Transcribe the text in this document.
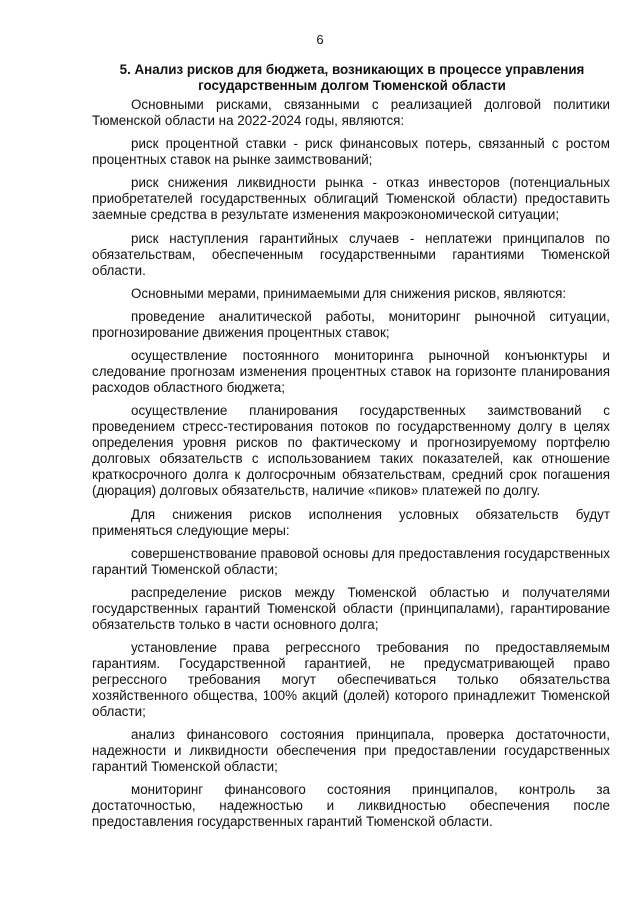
6
5. Анализ рисков для бюджета, возникающих в процессе управления государственным долгом Тюменской области

Основными рисками, связанными с реализацией долговой политики Тюменской области на 2022-2024 годы, являются:

риск процентной ставки - риск финансовых потерь, связанный с ростом процентных ставок на рынке заимствований;

риск снижения ликвидности рынка - отказ инвесторов (потенциальных приобретателей государственных облигаций Тюменской области) предоставить заемные средства в результате изменения макроэкономической ситуации;

риск наступления гарантийных случаев - неплатежи принципалов по обязательствам, обеспеченным государственными гарантиями Тюменской области.

Основными мерами, принимаемыми для снижения рисков, являются:

проведение аналитической работы, мониторинг рыночной ситуации, прогнозирование движения процентных ставок;

осуществление постоянного мониторинга рыночной конъюнктуры и следование прогнозам изменения процентных ставок на горизонте планирования расходов областного бюджета;

осуществление планирования государственных заимствований с проведением стресс-тестирования потоков по государственному долгу в целях определения уровня рисков по фактическому и прогнозируемому портфелю долговых обязательств с использованием таких показателей, как отношение краткосрочного долга к долгосрочным обязательствам, средний срок погашения (дюрация) долговых обязательств, наличие «пиков» платежей по долгу.

Для снижения рисков исполнения условных обязательств будут применяться следующие меры:

совершенствование правовой основы для предоставления государственных гарантий Тюменской области;

распределение рисков между Тюменской областью и получателями государственных гарантий Тюменской области (принципалами), гарантирование обязательств только в части основного долга;

установление права регрессного требования по предоставляемым гарантиям. Государственной гарантией, не предусматривающей право регрессного требования могут обеспечиваться только обязательства хозяйственного общества, 100% акций (долей) которого принадлежит Тюменской области;

анализ финансового состояния принципала, проверка достаточности, надежности и ликвидности обеспечения при предоставлении государственных гарантий Тюменской области;

мониторинг финансового состояния принципалов, контроль за достаточностью, надежностью и ликвидностью обеспечения после предоставления государственных гарантий Тюменской области.
